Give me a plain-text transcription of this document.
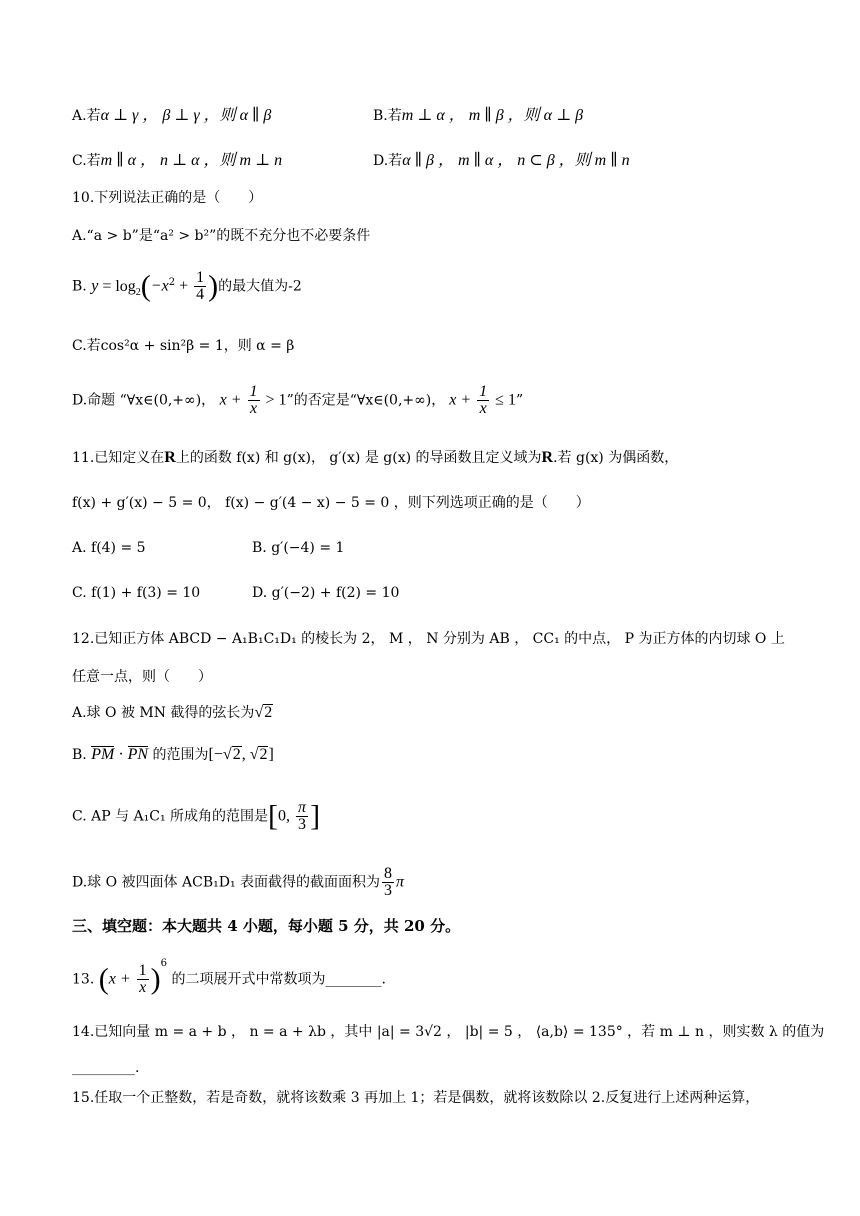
A.若α ⊥ γ ， β ⊥ γ ，则 α ∥ β	B.若m ⊥ α ， m ∥ β ，则 α ⊥ β
C.若m ∥ α ， n ⊥ α ，则 m ⊥ n	D.若α ∥ β ， m ∥ α ， n ⊂ β ，则 m ∥ n
10.下列说法正确的是（　　）
A.“a > b”是“a² > b²”的既不充分也不必要条件
B. $y = \log_2(-x^2 + \frac{1}{4}$ )的最大值为-2
C.若cos²α + sin²β = 1，则 α = β
D.命题 “∀x∈(0,+∞)， $x + \frac{1}{x} > 1$”的否定是“∀x∈(0,+∞)， $x + \frac{1}{x} \le 1$”
11.已知定义在R上的函数 f(x) 和 g(x)， g′(x) 是 g(x) 的导函数且定义域为R.若 g(x) 为偶函数，
f(x) + g′(x) − 5 = 0， f(x) − g′(4 − x) − 5 = 0 ，则下列选项正确的是（　　）
A. f(4) = 5	B. g′(−4) = 1
C. f(1) + f(3) = 10	D. g′(−2) + f(2) = 10
12.已知正方体 ABCD − A₁B₁C₁D₁ 的棱长为 2， M ， N 分别为 AB ， CC₁ 的中点， P 为正方体的内切球 O 上
任意一点，则（　　）
A.球 O 被 MN 截得的弦长为√2
B. PM · PN 的范围为[−√2, √2]
C. AP 与 A₁C₁ 所成角的范围是[0, $\frac{\pi}{3}$ ]
D.球 O 被四面体 ACB₁D₁ 表面截得的截面面积为 $\frac{8}{3}$ π
三、填空题：本大题共 4 小题，每小题 5 分，共 20 分。
13. $(x + \frac{1}{x} )^6$ 的二项展开式中常数项为________.
14.已知向量 m = a + b ， n = a + λb ，其中 |a| = 3√2 ， |b| = 5 ， ⟨a,b⟩ = 135° ，若 m ⊥ n ，则实数 λ 的值为
_________.
15.任取一个正整数，若是奇数，就将该数乘 3 再加上 1；若是偶数，就将该数除以 2.反复进行上述两种运算，
